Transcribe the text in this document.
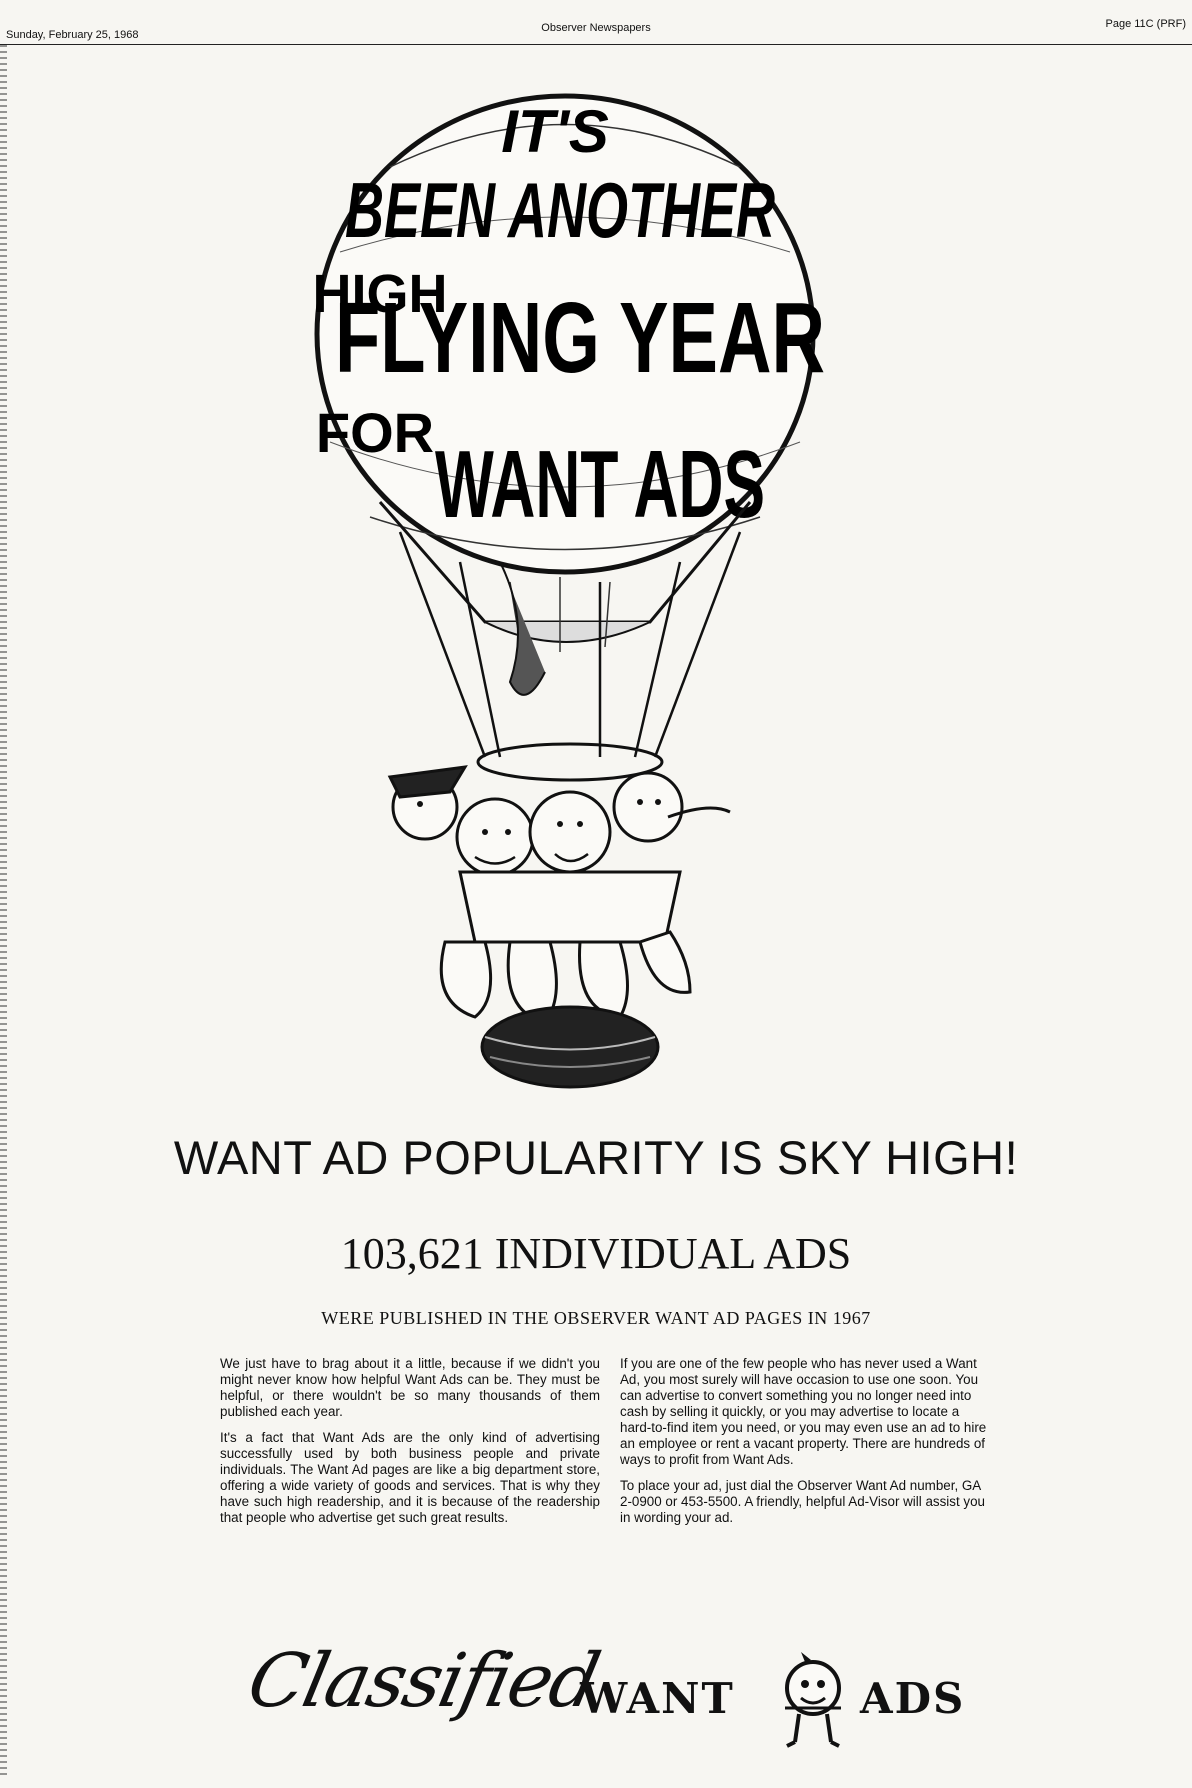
Sunday, February 25, 1968
Observer Newspapers	Page 11C (PRF)
IT'S
BEEN ANOTHER
HIGH
FLYING YEAR
FOR WANT ADS
WANT AD POPULARITY IS SKY HIGH!
103,621 INDIVIDUAL ADS
WERE PUBLISHED IN THE OBSERVER WANT AD PAGES IN 1967

We just have to brag about it a little, because if we didn't you might never know how helpful Want Ads can be. They must be helpful, or there wouldn't be so many thousands of them published each year.

It's a fact that Want Ads are the only kind of advertising successfully used by both business people and private individuals. The Want Ad pages are like a big department store, offering a wide variety of goods and services. That is why they have such high readership, and it is because of the readership that people who advertise get such great results.

If you are one of the few people who has never used a Want Ad, you most surely will have occasion to use one soon. You can advertise to convert something you no longer need into cash by selling it quickly, or you may advertise to locate a hard-to-find item you need, or you may even use an ad to hire an employee or rent a vacant property. There are hundreds of ways to profit from Want Ads.

To place your ad, just dial the Observer Want Ad number, GA 2-0900 or 453-5500. A friendly, helpful Ad-Visor will assist you in wording your ad.

Classified
WANT	ADS
